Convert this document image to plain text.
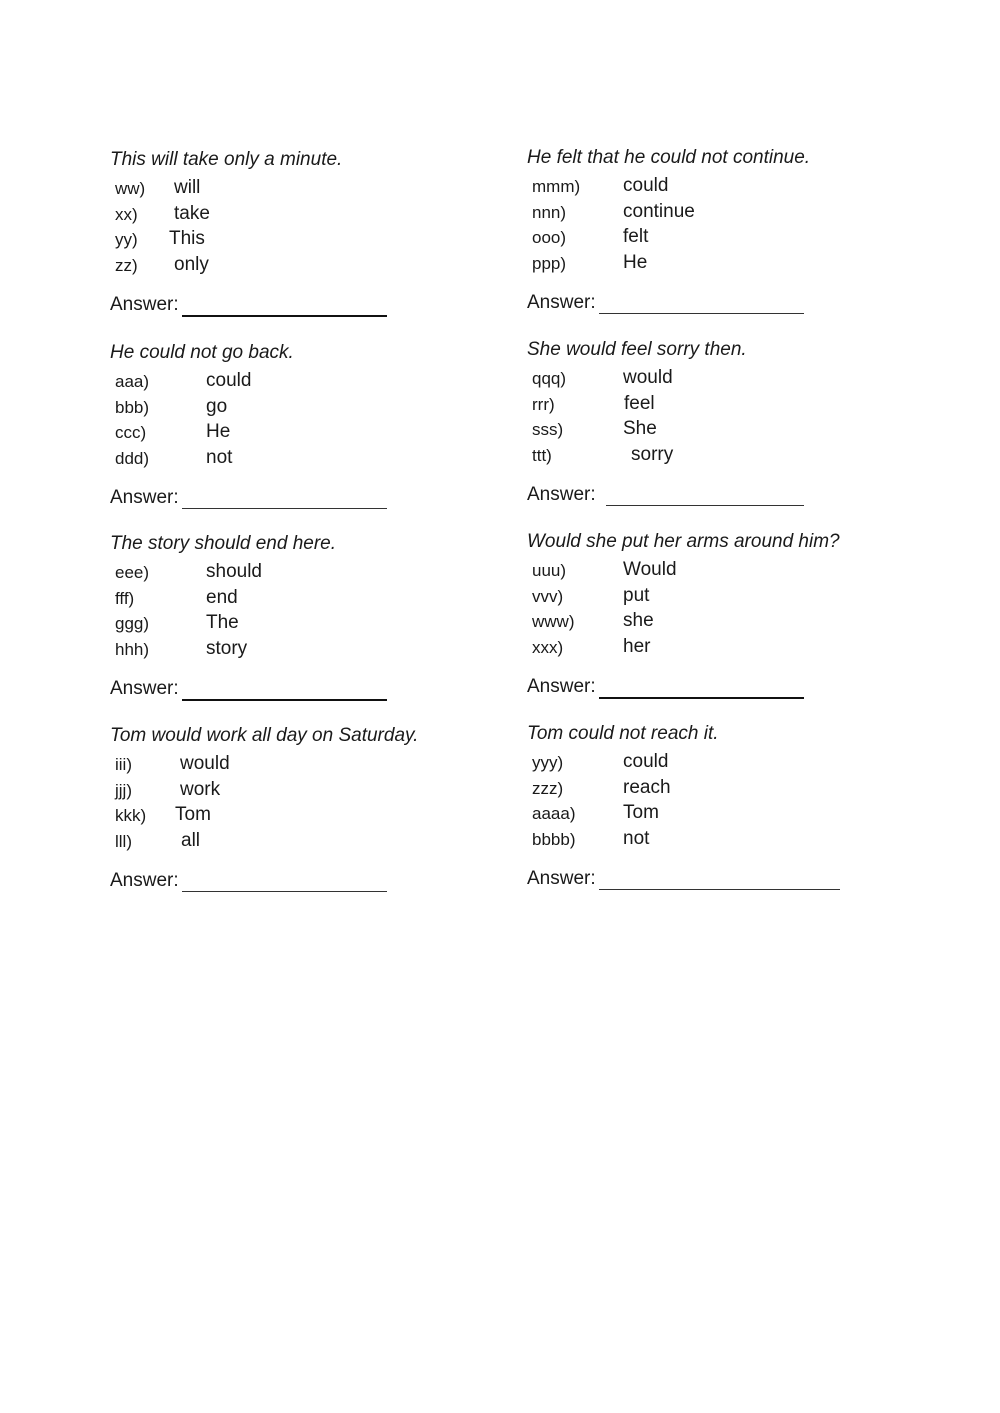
This will take only a minute.

ww) will
xx) take
yy) This
zz) only
Answer:

He felt that he could not continue.

mmm) could
nnn)	continue
ooo)	felt
ppp)	He
Answer:

He could not go back.

aaa)	could
bbb)	go
ccc)	He
ddd)	not
Answer:

She would feel sorry then.

qqq)	would
rrr)	feel
sss)	She
ttt)	sorry
Answer:

The story should end here.

eee)	should
fff)	end
ggg)	The
hhh)	story
Answer:

Would she put her arms around him?

uuu)	Would
vvv)	put
www)	she
xxx)	her
Answer:

Tom would work all day on Saturday.

iii)	would
jjj)	work
kkk) Tom
lll)	all
Answer:

Tom could not reach it.

yyy)	could
zzz)	reach
aaaa)	Tom
bbbb)	not
Answer:
